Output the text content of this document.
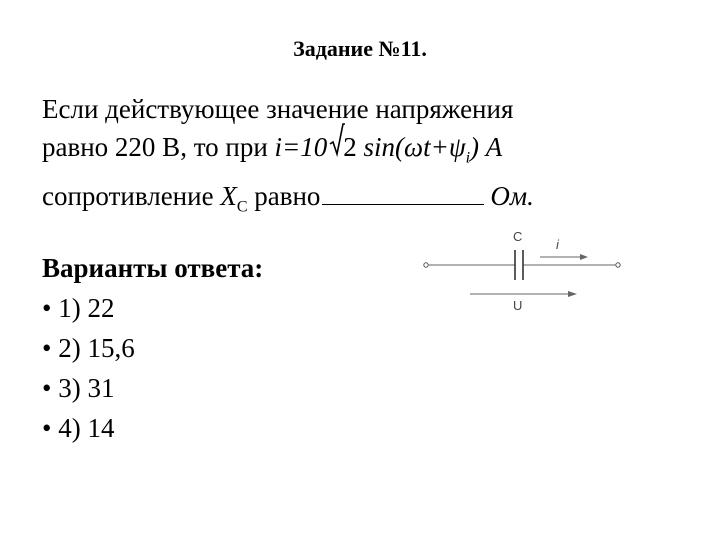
Задание №11.
Если действующее значение напряжения
равно 220 В, то при i=10 2 $\sin(\omega t+\psi_i)$ А
сопротивление $X_C$ равно	Ом.
Варианты ответа:
• 1) 22
• 2) 15,6
• 3) 31
• 4) 14
C
i
U
